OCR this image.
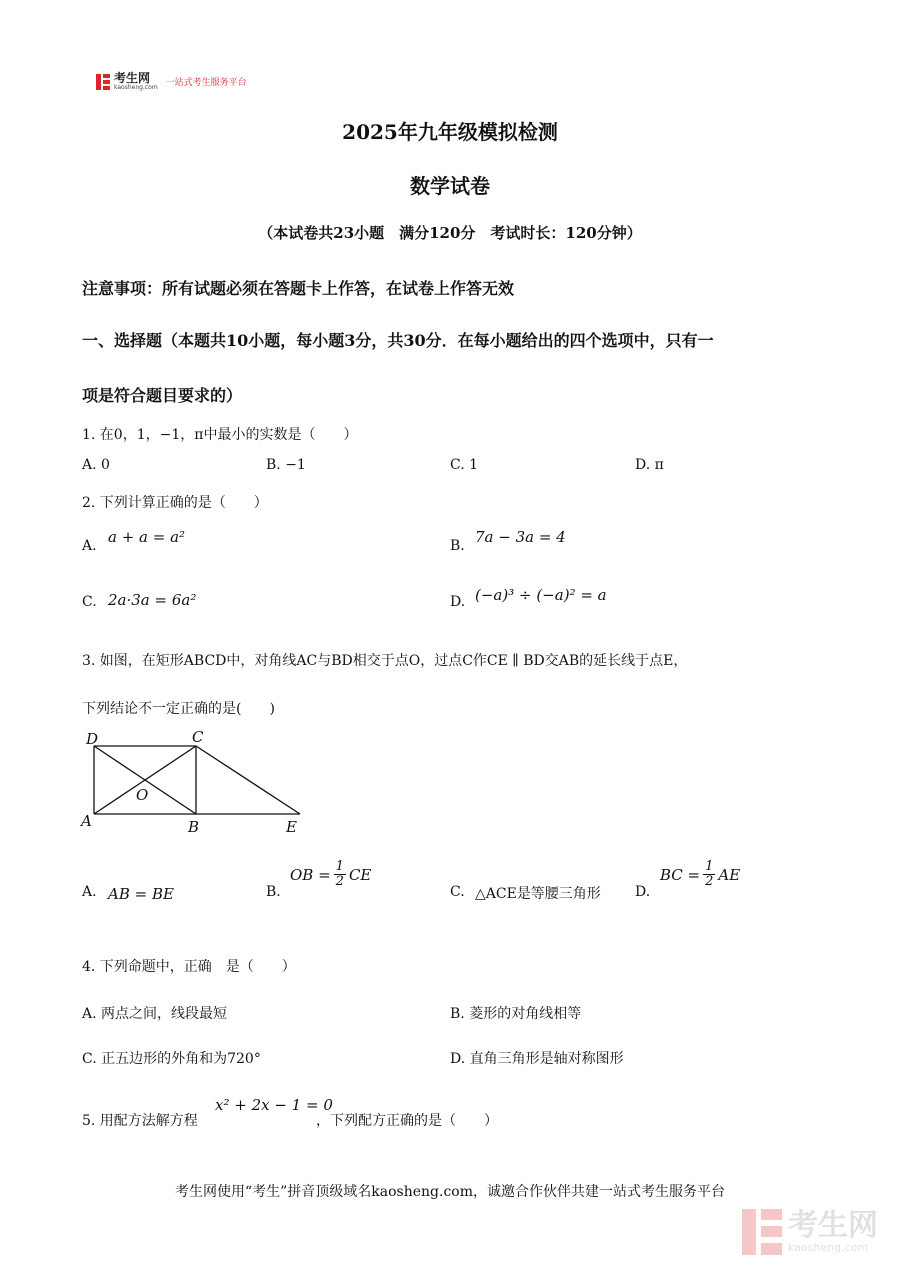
考生网
kaosheng.com 一站式考生服务平台
2025年九年级模拟检测
数学试卷
（本试卷共23小题　满分120分　考试时长：120分钟）
注意事项：所有试题必须在答题卡上作答，在试卷上作答无效
一、选择题（本题共10小题，每小题3分，共30分．在每小题给出的四个选项中，只有一
项是符合题目要求的）
1. 在0，1，−1，π中最小的实数是（　　）
A. 0	B. −1	C. 1	D. π
2. 下列计算正确的是（　　）
A. a + a = a²	B. 7a − 3a = 4
C. 2a·3a = 6a²	D. (−a)³ ÷ (−a)² = a
3. 如图，在矩形ABCD中，对角线AC与BD相交于点O，过点C作CE ∥ BD交AB的延长线于点E，
下列结论不一定正确的是(　　)
D	C
O
A	B	E
A. AB = BE	B.
OB = $\frac{1}{2}$ CE
C. △ACE是等腰三角形 D.
BC = $\frac{1}{2}$ AE
4. 下列命题中，正确　是（　　）
A. 两点之间，线段最短	B. 菱形的对角线相等
C. 正五边形的外角和为720°	D. 直角三角形是轴对称图形
5. 用配方法解方程
x² + 2x − 1 = 0
，下列配方正确的是（　　）
考生网使用“考生”拼音顶级域名kaosheng.com，诚邀合作伙伴共建一站式考生服务平台
考生网
kaosheng.com
